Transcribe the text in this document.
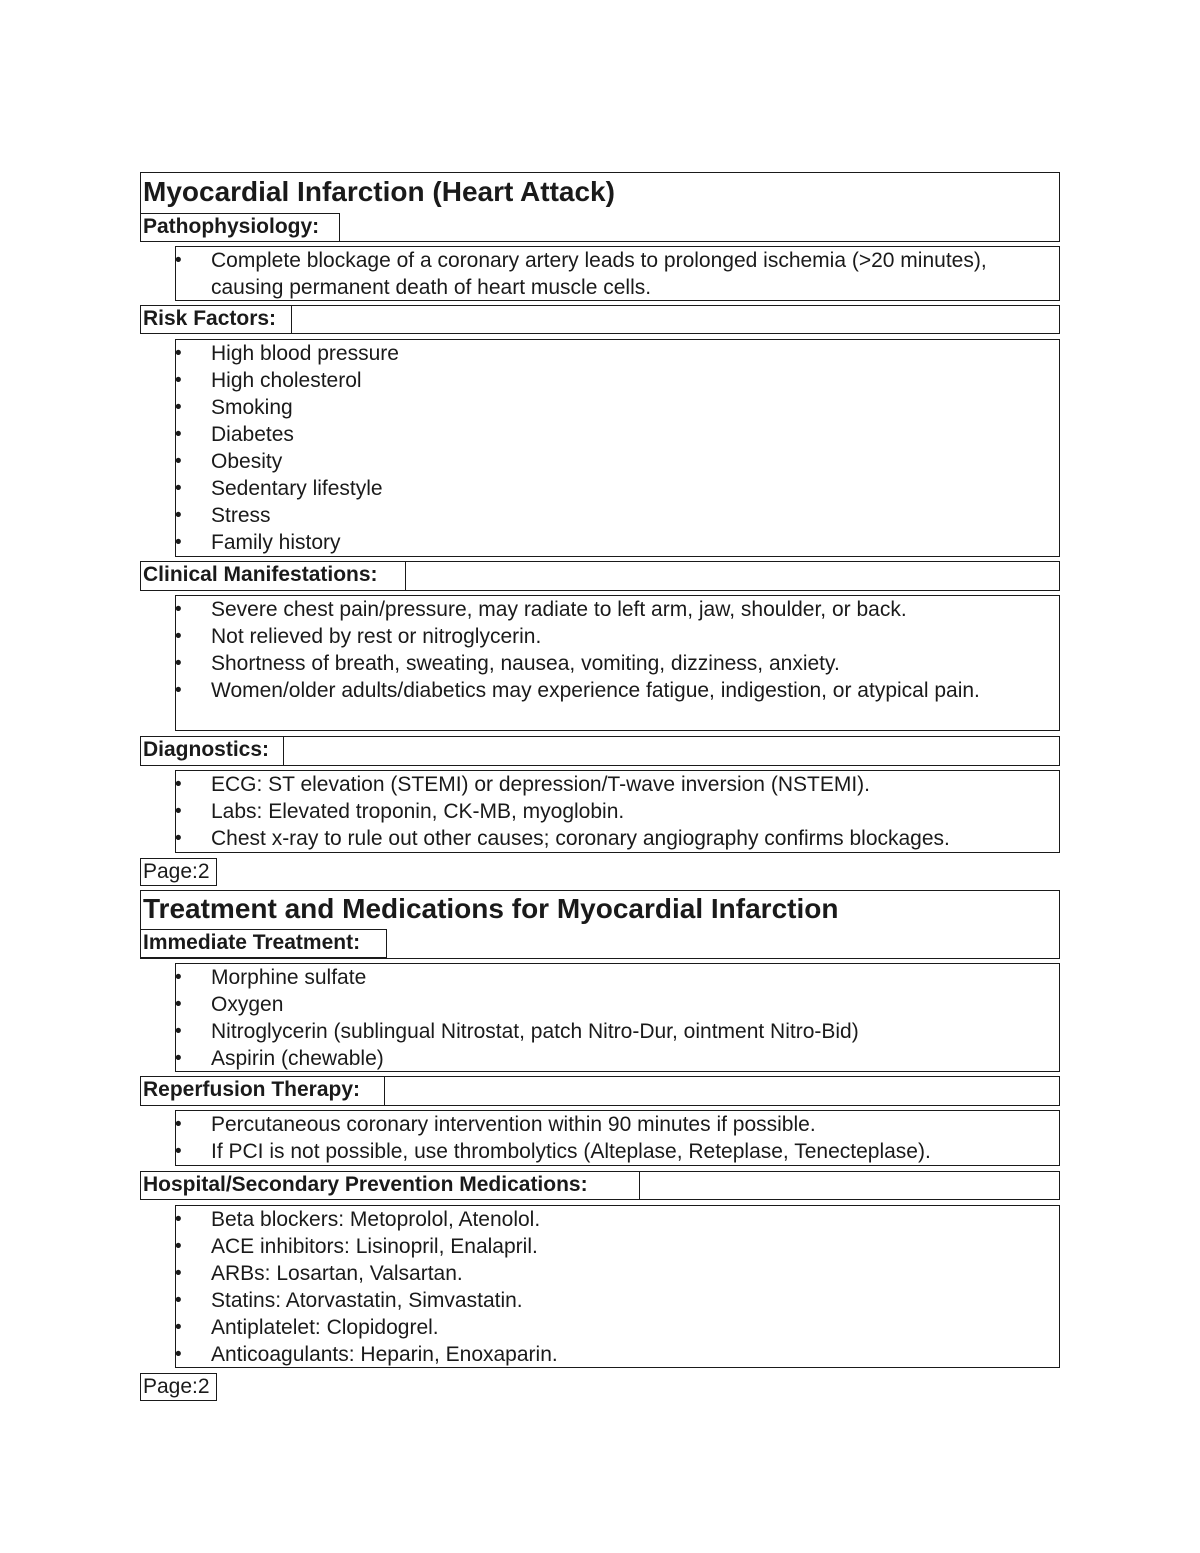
Myocardial Infarction (Heart Attack)
Pathophysiology:
• Complete blockage of a coronary artery leads to prolonged ischemia (>20 minutes), causing permanent death of heart muscle cells.
Risk Factors:
• High blood pressure
• High cholesterol
• Smoking
• Diabetes
• Obesity
• Sedentary lifestyle
• Stress
• Family history
Clinical Manifestations:
• Severe chest pain/pressure, may radiate to left arm, jaw, shoulder, or back.
• Not relieved by rest or nitroglycerin.
• Shortness of breath, sweating, nausea, vomiting, dizziness, anxiety.
• Women/older adults/diabetics may experience fatigue, indigestion, or atypical pain.
Diagnostics:
• ECG: ST elevation (STEMI) or depression/T-wave inversion (NSTEMI).
• Labs: Elevated troponin, CK-MB, myoglobin.
• Chest x-ray to rule out other causes; coronary angiography confirms blockages.
Page:2
Treatment and Medications for Myocardial Infarction
Immediate Treatment:
• Morphine sulfate
• Oxygen
• Nitroglycerin (sublingual Nitrostat, patch Nitro-Dur, ointment Nitro-Bid)
• Aspirin (chewable)
Reperfusion Therapy:
• Percutaneous coronary intervention within 90 minutes if possible.
• If PCI is not possible, use thrombolytics (Alteplase, Reteplase, Tenecteplase).
Hospital/Secondary Prevention Medications:
• Beta blockers: Metoprolol, Atenolol.
• ACE inhibitors: Lisinopril, Enalapril.
• ARBs: Losartan, Valsartan.
• Statins: Atorvastatin, Simvastatin.
• Antiplatelet: Clopidogrel.
• Anticoagulants: Heparin, Enoxaparin.
Page:2
